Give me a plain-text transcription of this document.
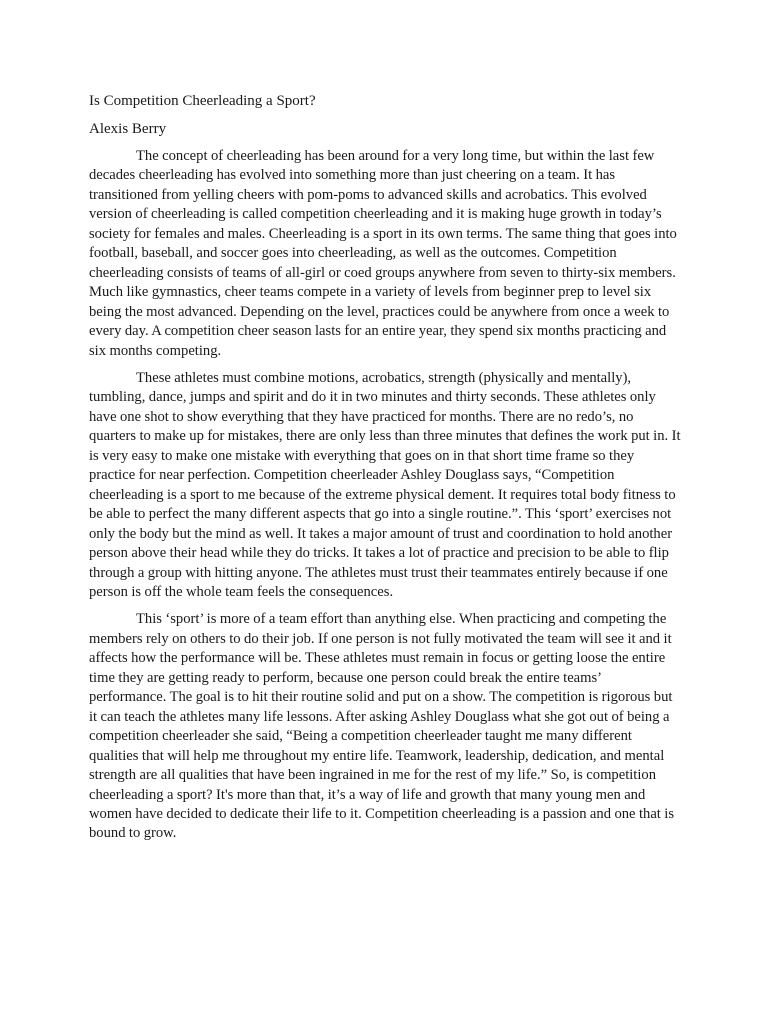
Is Competition Cheerleading a Sport?

Alexis Berry

The concept of cheerleading has been around for a very long time, but within the last few decades cheerleading has evolved into something more than just cheering on a team. It has transitioned from yelling cheers with pom-poms to advanced skills and acrobatics. This evolved version of cheerleading is called competition cheerleading and it is making huge growth in today’s society for females and males. Cheerleading is a sport in its own terms. The same thing that goes into football, baseball, and soccer goes into cheerleading, as well as the outcomes. Competition cheerleading consists of teams of all-girl or coed groups anywhere from seven to thirty-six members. Much like gymnastics, cheer teams compete in a variety of levels from beginner prep to level six being the most advanced. Depending on the level, practices could be anywhere from once a week to every day. A competition cheer season lasts for an entire year, they spend six months practicing and six months competing.

These athletes must combine motions, acrobatics, strength (physically and mentally), tumbling, dance, jumps and spirit and do it in two minutes and thirty seconds. These athletes only have one shot to show everything that they have practiced for months. There are no redo’s, no quarters to make up for mistakes, there are only less than three minutes that defines the work put in. It is very easy to make one mistake with everything that goes on in that short time frame so they practice for near perfection. Competition cheerleader Ashley Douglass says, “Competition cheerleading is a sport to me because of the extreme physical dement. It requires total body fitness to be able to perfect the many different aspects that go into a single routine.”. This ‘sport’ exercises not only the body but the mind as well. It takes a major amount of trust and coordination to hold another person above their head while they do tricks. It takes a lot of practice and precision to be able to flip through a group with hitting anyone. The athletes must trust their teammates entirely because if one person is off the whole team feels the consequences.

This ‘sport’ is more of a team effort than anything else. When practicing and competing the members rely on others to do their job. If one person is not fully motivated the team will see it and it affects how the performance will be. These athletes must remain in focus or getting loose the entire time they are getting ready to perform, because one person could break the entire teams’ performance. The goal is to hit their routine solid and put on a show. The competition is rigorous but it can teach the athletes many life lessons. After asking Ashley Douglass what she got out of being a competition cheerleader she said, “Being a competition cheerleader taught me many different qualities that will help me throughout my entire life. Teamwork, leadership, dedication, and mental strength are all qualities that have been ingrained in me for the rest of my life.” So, is competition cheerleading a sport? It's more than that, it’s a way of life and growth that many young men and women have decided to dedicate their life to it. Competition cheerleading is a passion and one that is bound to grow.
